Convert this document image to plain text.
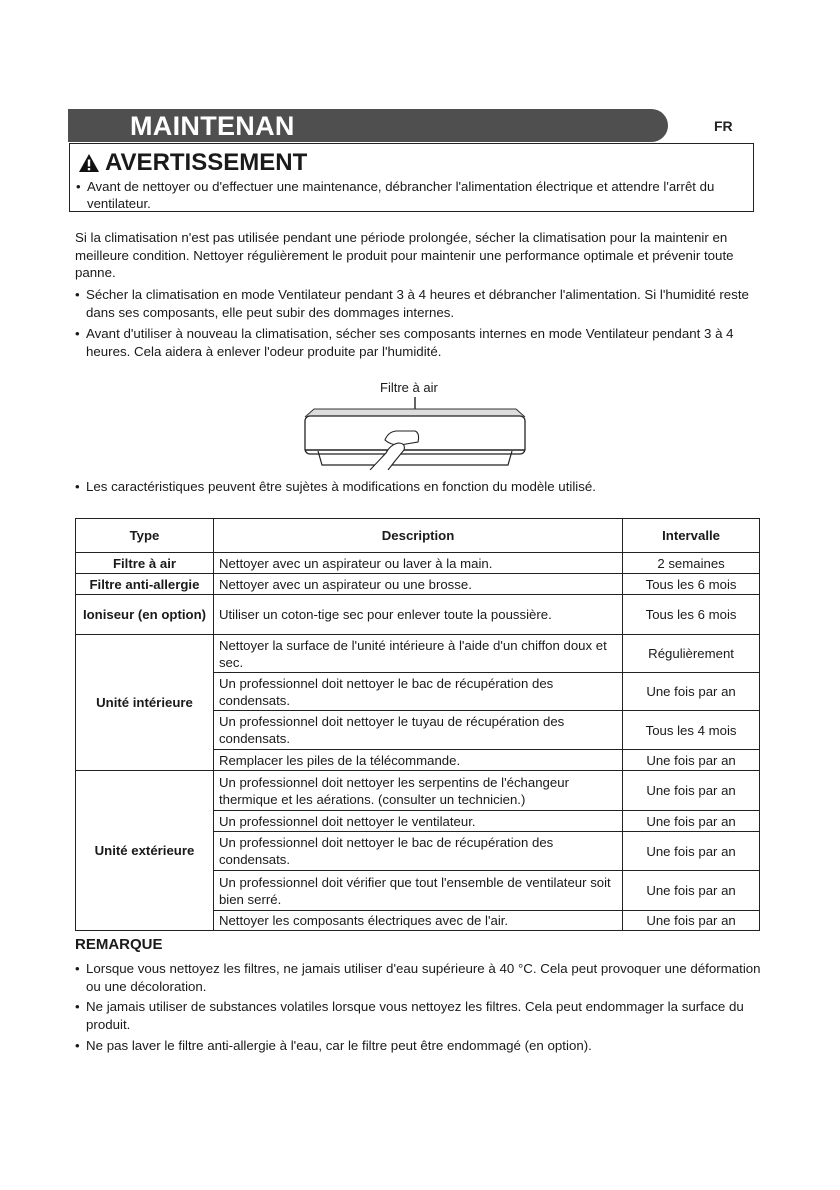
MAINTENAN	FR
AVERTISSEMENT
• Avant de nettoyer ou d'effectuer une maintenance, débrancher l'alimentation électrique et attendre l'arrêt du ventilateur.
Si la climatisation n'est pas utilisée pendant une période prolongée, sécher la climatisation pour la maintenir en meilleure condition. Nettoyer régulièrement le produit pour maintenir une performance optimale et prévenir toute panne.
• Sécher la climatisation en mode Ventilateur pendant 3 à 4 heures et débrancher l'alimentation. Si l'humidité reste dans ses composants, elle peut subir des dommages internes.
• Avant d'utiliser à nouveau la climatisation, sécher ses composants internes en mode Ventilateur pendant 3 à 4 heures. Cela aidera à enlever l'odeur produite par l'humidité.
Filtre à air
• Les caractéristiques peuvent être sujètes à modifications en fonction du modèle utilisé.
Type	Description	Intervalle
Filtre à air	Nettoyer avec un aspirateur ou laver à la main.	2 semaines
Filtre anti-allergie	Nettoyer avec un aspirateur ou une brosse.	Tous les 6 mois
Ioniseur (en option)	Utiliser un coton-tige sec pour enlever toute la poussière.	Tous les 6 mois
Unité intérieure	Nettoyer la surface de l'unité intérieure à l'aide d'un chiffon doux et sec.	Régulièrement
	Un professionnel doit nettoyer le bac de récupération des condensats.	Une fois par an
	Un professionnel doit nettoyer le tuyau de récupération des condensats.	Tous les 4 mois
	Remplacer les piles de la télécommande.	Une fois par an
Unité extérieure	Un professionnel doit nettoyer les serpentins de l'échangeur thermique et les aérations. (consulter un technicien.)	Une fois par an
	Un professionnel doit nettoyer le ventilateur.	Une fois par an
	Un professionnel doit nettoyer le bac de récupération des condensats.	Une fois par an
	Un professionnel doit vérifier que tout l'ensemble de ventilateur soit bien serré.	Une fois par an
	Nettoyer les composants électriques avec de l'air.	Une fois par an
REMARQUE
• Lorsque vous nettoyez les filtres, ne jamais utiliser d'eau supérieure à 40 °C. Cela peut provoquer une déformation ou une décoloration.
• Ne jamais utiliser de substances volatiles lorsque vous nettoyez les filtres. Cela peut endommager la surface du produit.
• Ne pas laver le filtre anti-allergie à l'eau, car le filtre peut être endommagé (en option).
